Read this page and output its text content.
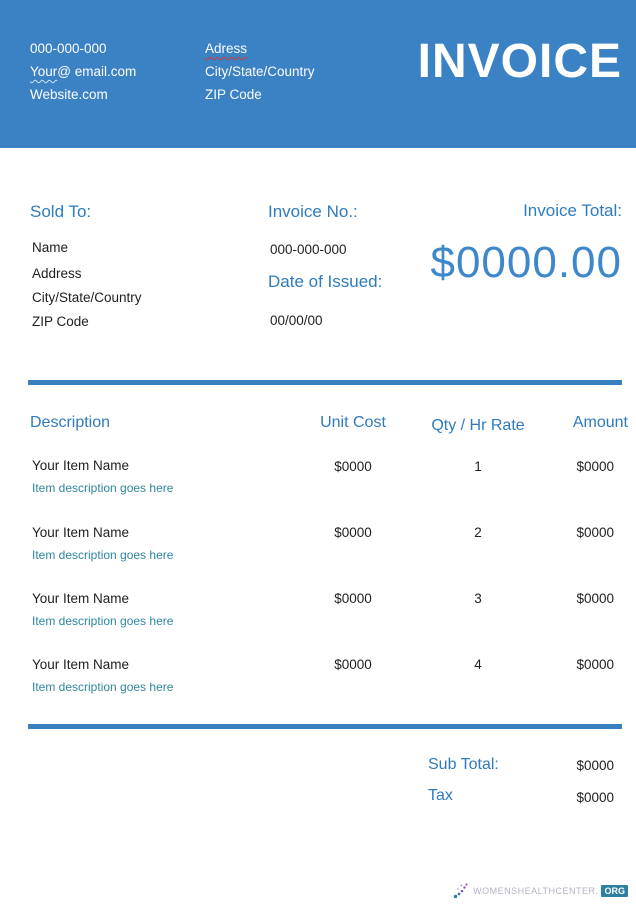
000-000-000
Your@ email.com
Website.com
Adress
City/State/Country
ZIP Code
INVOICE
Sold To:
Name
Address
City/State/Country
ZIP Code
Invoice No.:
000-000-000
Date of Issued:
00/00/00
Invoice Total:
$0000.00
Description	Unit Cost	Qty / Hr Rate	Amount
Your Item Name
Item description goes here
$0000	1	$0000
Your Item Name
Item description goes here
$0000	2	$0000
Your Item Name
Item description goes here
$0000	3	$0000
Your Item Name
Item description goes here
$0000	4	$0000
Sub Total:	$0000
Tax	$0000
WOMENSHEALTHCENTER. ORG
